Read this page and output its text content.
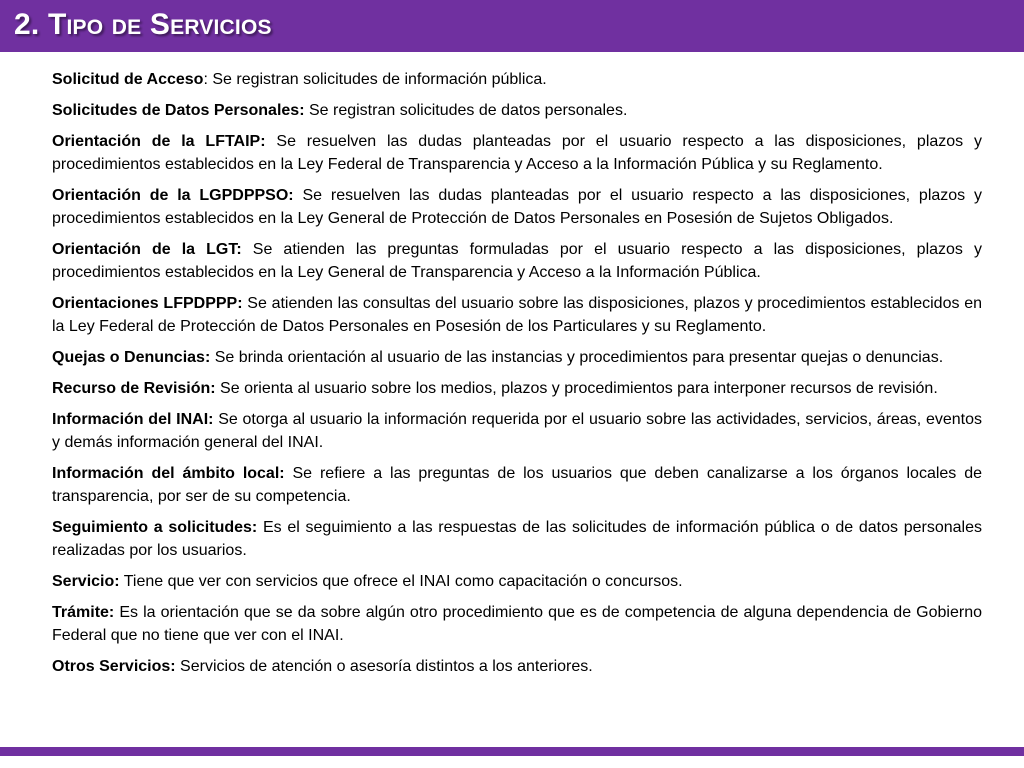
2. Tipo de Servicios
Solicitud de Acceso: Se registran solicitudes de información pública.
Solicitudes de Datos Personales: Se registran solicitudes de datos personales.
Orientación de la LFTAIP: Se resuelven las dudas planteadas por el usuario respecto a las disposiciones, plazos y procedimientos establecidos en la Ley Federal de Transparencia y Acceso a la Información Pública y su Reglamento.
Orientación de la LGPDPPSO: Se resuelven las dudas planteadas por el usuario respecto a las disposiciones, plazos y procedimientos establecidos en la Ley General de Protección de Datos Personales en Posesión de Sujetos Obligados.
Orientación de la LGT: Se atienden las preguntas formuladas por el usuario respecto a las disposiciones, plazos y procedimientos establecidos en la Ley General de Transparencia y Acceso a la Información Pública.
Orientaciones LFPDPPP: Se atienden las consultas del usuario sobre las disposiciones, plazos y procedimientos establecidos en la Ley Federal de Protección de Datos Personales en Posesión de los Particulares y su Reglamento.
Quejas o Denuncias: Se brinda orientación al usuario de las instancias y procedimientos para presentar quejas o denuncias.
Recurso de Revisión: Se orienta al usuario sobre los medios, plazos y procedimientos para interponer recursos de revisión.
Información del INAI: Se otorga al usuario la información requerida por el usuario sobre las actividades, servicios, áreas, eventos y demás información general del INAI.
Información del ámbito local: Se refiere a las preguntas de los usuarios que deben canalizarse a los órganos locales de transparencia, por ser de su competencia.
Seguimiento a solicitudes: Es el seguimiento a las respuestas de las solicitudes de información pública o de datos personales realizadas por los usuarios.
Servicio: Tiene que ver con servicios que ofrece el INAI como capacitación o concursos.
Trámite: Es la orientación que se da sobre algún otro procedimiento que es de competencia de alguna dependencia de Gobierno Federal que no tiene que ver con el INAI.
Otros Servicios: Servicios de atención o asesoría distintos a los anteriores.
